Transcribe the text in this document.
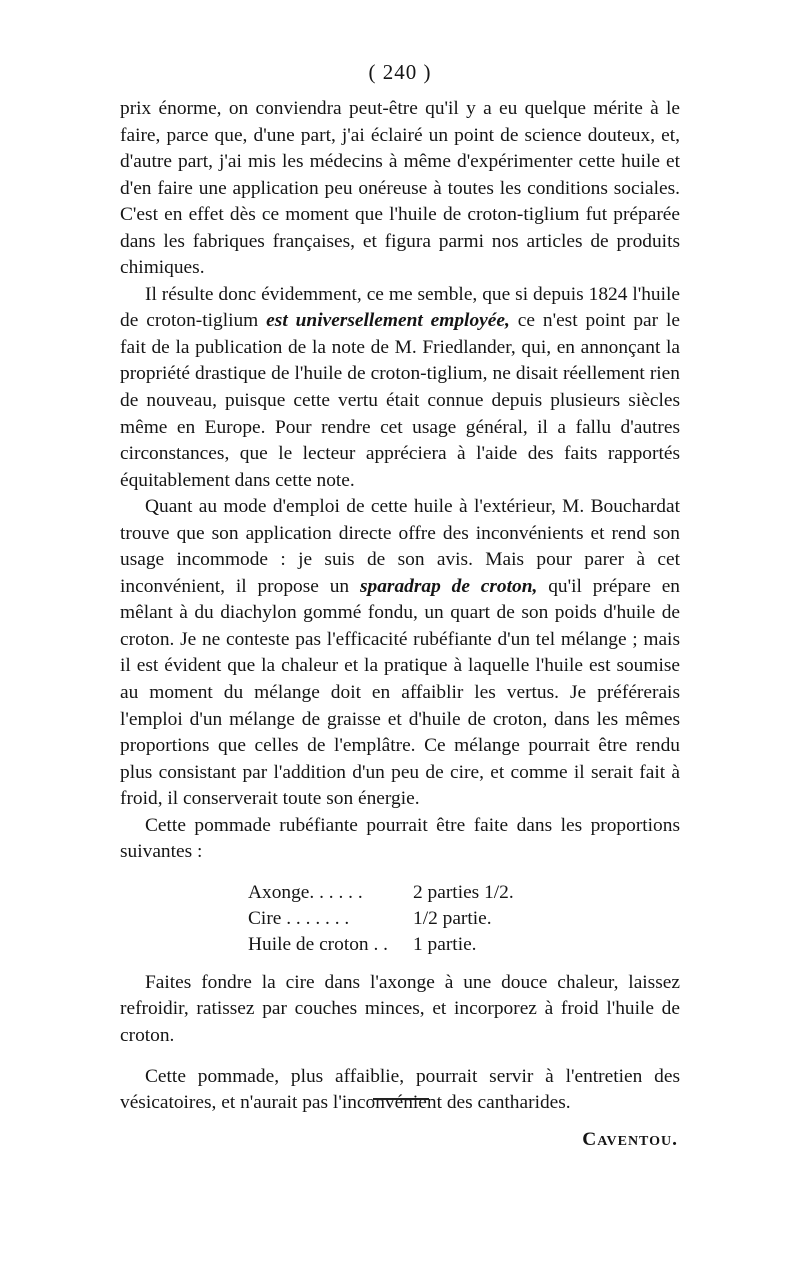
( 240 )

prix énorme, on conviendra peut-être qu'il y a eu quelque mérite à le faire, parce que, d'une part, j'ai éclairé un point de science douteux, et, d'autre part, j'ai mis les médecins à même d'expérimenter cette huile et d'en faire une application peu onéreuse à toutes les conditions sociales. C'est en effet dès ce moment que l'huile de croton-tiglium fut préparée dans les fabriques françaises, et figura parmi nos articles de produits chimiques.

Il résulte donc évidemment, ce me semble, que si depuis 1824 l'huile de croton-tiglium est universellement employée, ce n'est point par le fait de la publication de la note de M. Friedlander, qui, en annonçant la propriété drastique de l'huile de croton-tiglium, ne disait réellement rien de nouveau, puisque cette vertu était connue depuis plusieurs siècles même en Europe. Pour rendre cet usage général, il a fallu d'autres circonstances, que le lecteur appréciera à l'aide des faits rapportés équitablement dans cette note.

Quant au mode d'emploi de cette huile à l'extérieur, M. Bouchardat trouve que son application directe offre des inconvénients et rend son usage incommode : je suis de son avis. Mais pour parer à cet inconvénient, il propose un sparadrap de croton, qu'il prépare en mêlant à du diachylon gommé fondu, un quart de son poids d'huile de croton. Je ne conteste pas l'efficacité rubéfiante d'un tel mélange ; mais il est évident que la chaleur et la pratique à laquelle l'huile est soumise au moment du mélange doit en affaiblir les vertus. Je préférerais l'emploi d'un mélange de graisse et d'huile de croton, dans les mêmes proportions que celles de l'emplâtre. Ce mélange pourrait être rendu plus consistant par l'addition d'un peu de cire, et comme il serait fait à froid, il conserverait toute son énergie.

Cette pommade rubéfiante pourrait être faite dans les proportions suivantes :

Axonge. . . . . .	2 parties 1/2.
Cire . . . . . . .	1/2 partie.
Huile de croton . .	1 partie.

Faites fondre la cire dans l'axonge à une douce chaleur, laissez refroidir, ratissez par couches minces, et incorporez à froid l'huile de croton.

Cette pommade, plus affaiblie, pourrait servir à l'entretien des vésicatoires, et n'aurait pas l'inconvénient des cantharides.

Caventou.
